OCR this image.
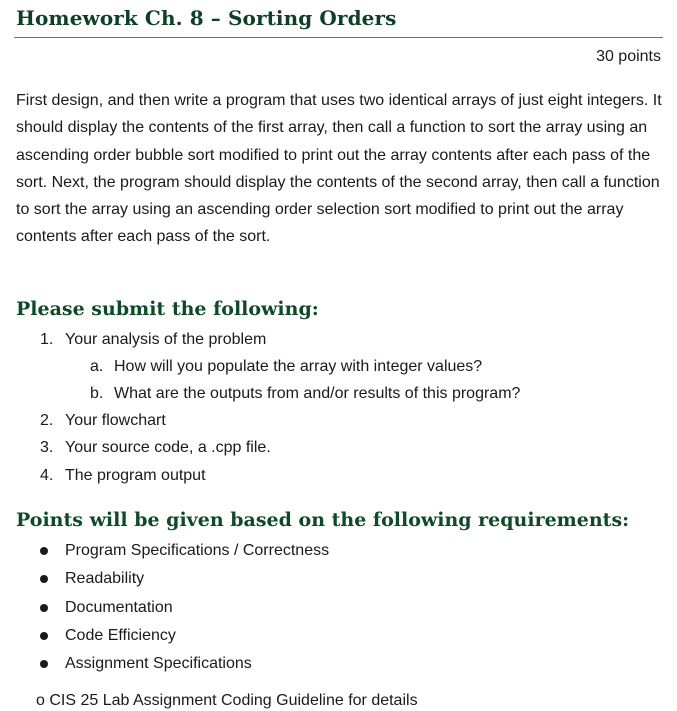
Homework Ch. 8 – Sorting Orders
30 points

First design, and then write a program that uses two identical arrays of just eight integers. It should display the contents of the first array, then call a function to sort the array using an ascending order bubble sort modified to print out the array contents after each pass of the sort. Next, the program should display the contents of the second array, then call a function to sort the array using an ascending order selection sort modified to print out the array contents after each pass of the sort.

Please submit the following:
1. Your analysis of the problem
a. How will you populate the array with integer values?
b. What are the outputs from and/or results of this program?
2. Your flowchart
3. Your source code, a .cpp file.
4. The program output
Points will be given based on the following requirements:
Program Specifications / Correctness
Readability
Documentation
Code Efficiency
Assignment Specifications
o CIS 25 Lab Assignment Coding Guideline for details
